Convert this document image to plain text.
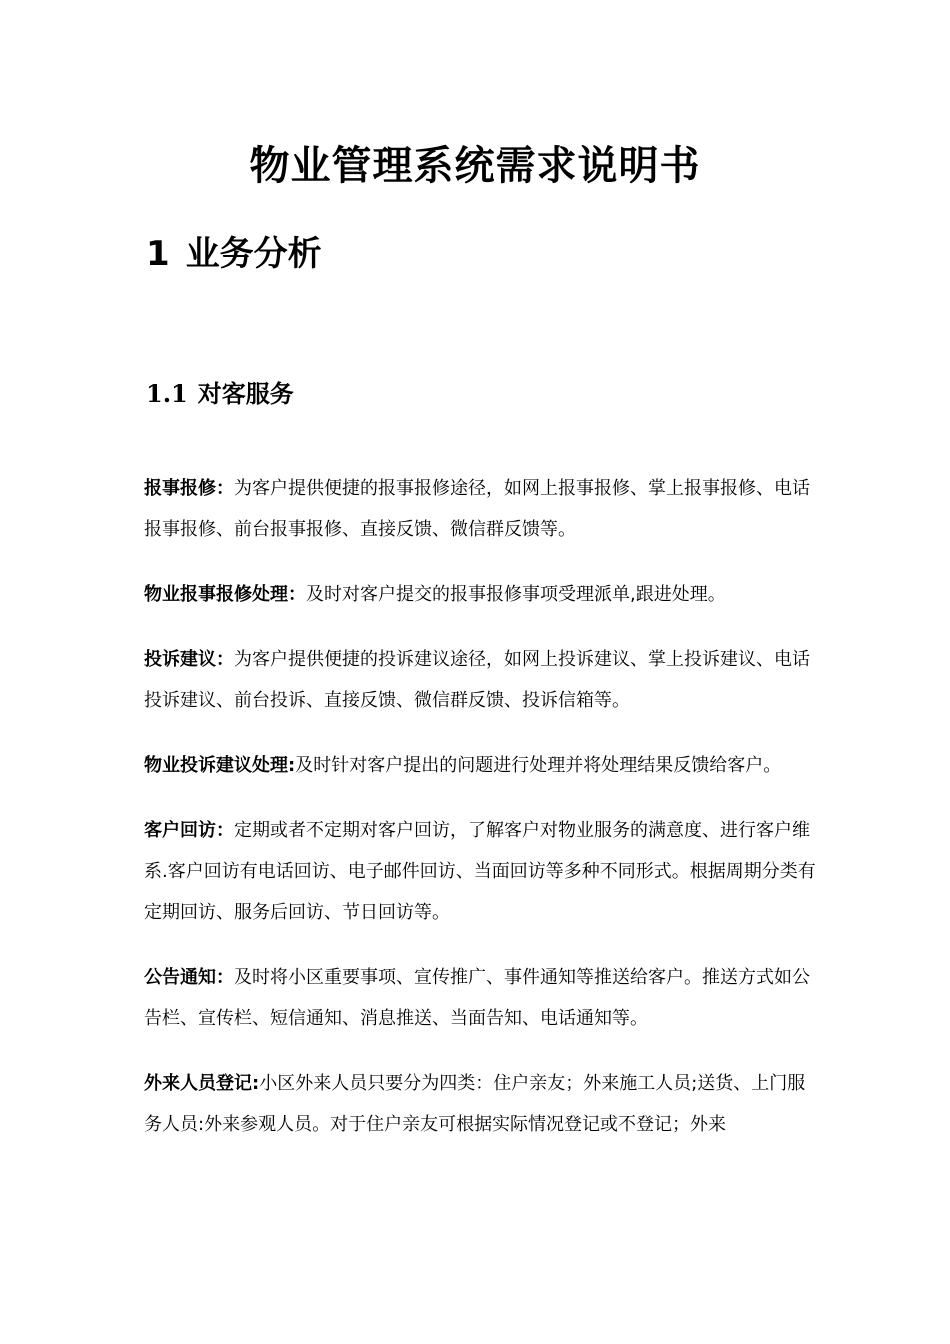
物业管理系统需求说明书
1 业务分析
1.1 对客服务

报事报修：为客户提供便捷的报事报修途径，如网上报事报修、掌上报事报修、电话报事报修、前台报事报修、直接反馈、微信群反馈等。

物业报事报修处理：及时对客户提交的报事报修事项受理派单,跟进处理。

投诉建议：为客户提供便捷的投诉建议途径，如网上投诉建议、掌上投诉建议、电话投诉建议、前台投诉、直接反馈、微信群反馈、投诉信箱等。

物业投诉建议处理:及时针对客户提出的问题进行处理并将处理结果反馈给客户。

客户回访：定期或者不定期对客户回访，了解客户对物业服务的满意度、进行客户维系.客户回访有电话回访、电子邮件回访、当面回访等多种不同形式。根据周期分类有定期回访、服务后回访、节日回访等。

公告通知：及时将小区重要事项、宣传推广、事件通知等推送给客户。推送方式如公告栏、宣传栏、短信通知、消息推送、当面告知、电话通知等。

外来人员登记:小区外来人员只要分为四类：住户亲友；外来施工人员;送货、上门服务人员:外来参观人员。对于住户亲友可根据实际情况登记或不登记；外来
